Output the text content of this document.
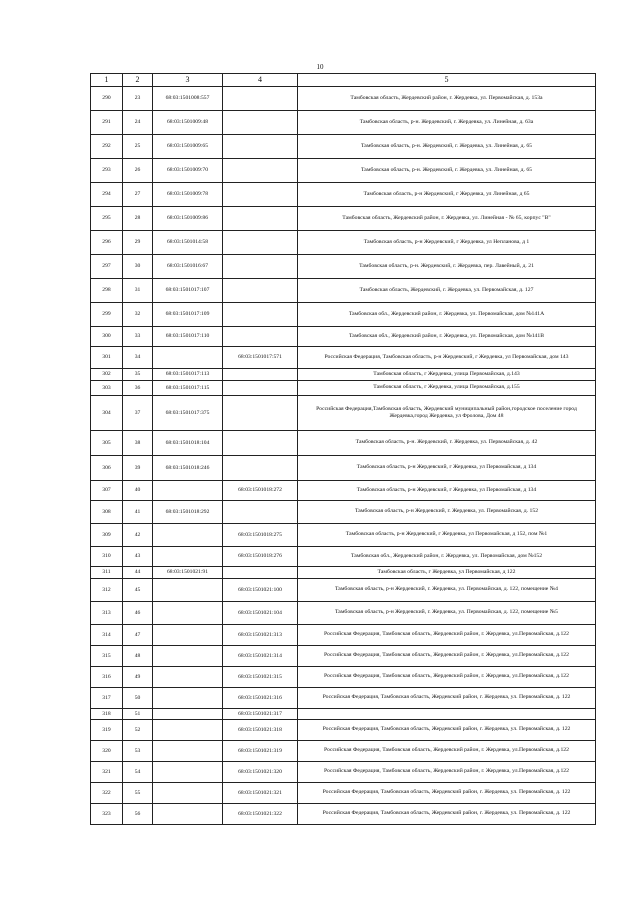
10
1	2	3	4	5
290	23	68:03:1501008:557		Тамбовская область, Жердевский район, г. Жердевка, ул. Первомайская, д. 153а
291	24	68:03:1501009:48		Тамбовская область, р-н. Жердевский, г. Жердевка, ул. Линейная, д. 63а
292	25	68:03:1501009:65		Тамбовская область, р-н. Жердевский, г. Жердевка, ул. Линейная, д. 65
293	26	68:03:1501009:70		Тамбовская область, р-н. Жердевский, г. Жердевка, ул. Линейная, д. 65
294	27	68:03:1501009:78		Тамбовская область, р-н Жердевский, г Жердевка, ул Линейная, д 65
295	28	68:03:1501009:86		Тамбовская область, Жердевский район, г. Жердевка, ул. Линейная - № 65, корпус "В"
296	29	68:03:1501014:58		Тамбовская область, р-н Жердевский, г Жердевка, ул Непланова, д 1
297	30	68:03:1501016:67		Тамбовская область, р-н. Жердевский, г. Жердевка, пер. Лавейный, д. 21
298	31	68:03:1501017:107		Тамбовская область, Жердевский, г. Жердевка, ул. Первомайская, д. 127
299	32	68:03:1501017:109		Тамбовская обл., Жердевский район, г. Жердевка, ул. Первомайская, дом №141А
300	33	68:03:1501017:110		Тамбовская обл., Жердевский район, г. Жердевка, ул. Первомайская, дом №141В
301	34		68:03:1501017:571	Российская Федерация, Тамбовская область, р-н Жердевский, г Жердевка, ул Первомайская, дом 143
302	35	68:03:1501017:113		Тамбовская область, г Жердевка, улица Первомайская, д.143
303	36	68:03:1501017:115		Тамбовская область, г Жердевка, улица Первомайская, д.155
304	37	68:03:1501017:375		Российская Федерация,Тамбовская область, Жердевский муниципальный район,городское поселение город Жердевка,город Жердевка, ул Фролова, Дом 48
305	38	68:03:1501018:104		Тамбовская область, р-н. Жердевский, г. Жердевка, ул. Первомайская, д. 42
306	39	68:03:1501018:246		Тамбовская область, р-н Жердевский, г Жердевка, ул Первомайская, д 134
307	40		68:03:1501018:272	Тамбовская область, р-н Жердевский, г Жердевка, ул Первомайская, д 134
308	41	68:03:1501018:292		Тамбовская область, р-н Жердевский, г. Жердевка, ул. Первомайская, д. 152
309	42		68:03:1501018:275	Тамбовская область, р-н Жердевский, г Жердевка, ул Первомайская, д 152, пом №1
310	43		68:03:1501018:276	Тамбовская обл., Жердевский район, г. Жердевка, ул. Первомайская, дом №152
311	44	68:03:1501021:91		Тамбовская область, г Жердевка, ул Первомайская, д 122
312	45		68:03:1501021:100	Тамбовская область, р-н Жердевский, г. Жердевка, ул. Первомайская, д. 122, помещение №4
313	46		68:03:1501021:104	Тамбовская область, р-н Жердевский, г. Жердевка, ул. Первомайская, д. 122, помещение №5
314	47		68:03:1501021:313	Российская Федерация, Тамбовская область, Жердевский район, г. Жердевка, ул.Первомайская, д.122
315	48		68:03:1501021:314	Российская Федерация, Тамбовская область, Жердевский район, г. Жердевка, ул.Первомайская, д.122
316	49		68:03:1501021:315	Российская Федерация, Тамбовская область, Жердевский район, г. Жердевка, ул.Первомайская, д.122
317	50		68:03:1501021:316	Российская Федерация, Тамбовская область, Жердевский район, г. Жердевка, ул. Первомайская, д. 122
318	51		68:03:1501021:317	
319	52		68:03:1501021:318	Российская Федерация, Тамбовская область, Жердевский район, г. Жердевка, ул. Первомайская, д. 122
320	53		68:03:1501021:319	Российская Федерация, Тамбовская область, Жердевский район, г. Жердевка, ул.Первомайская, д.122
321	54		68:03:1501021:320	Российская Федерация, Тамбовская область, Жердевский район, г. Жердевка, ул.Первомайская, д.122
322	55		68:03:1501021:321	Российская Федерация, Тамбовская область, Жердевский район, г. Жердевка, ул. Первомайская, д. 122
323	56		68:03:1501021:322	Российская Федерация, Тамбовская область, Жердевский район, г. Жердевка, ул. Первомайская, д. 122
